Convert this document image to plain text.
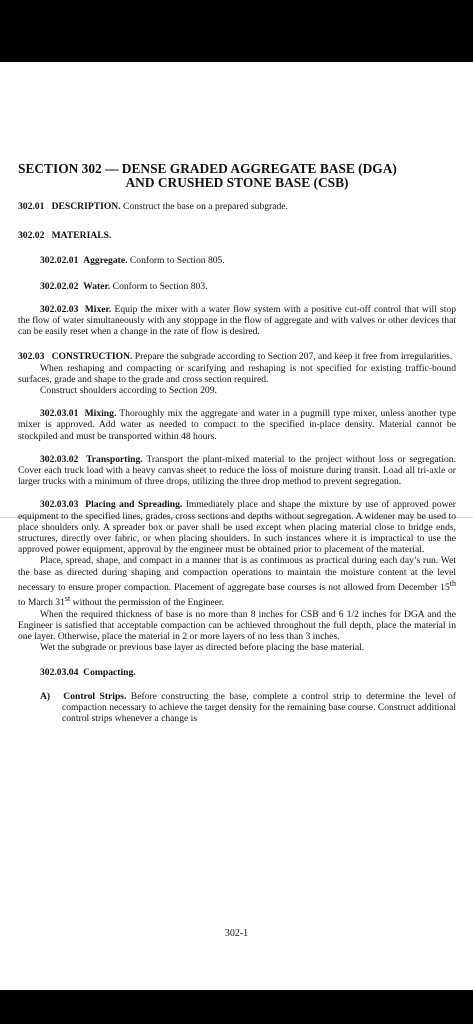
SECTION 302 — DENSE GRADED AGGREGATE BASE (DGA)
AND CRUSHED STONE BASE (CSB)

302.01 DESCRIPTION. Construct the base on a prepared subgrade.

302.02 MATERIALS.

302.02.01 Aggregate. Conform to Section 805.

302.02.02 Water. Conform to Section 803.

302.02.03 Mixer. Equip the mixer with a water flow system with a positive cut-off control that will stop the flow of water simultaneously with any stoppage in the flow of aggregate and with valves or other devices that can be easily reset when a change in the rate of flow is desired.

302.03 CONSTRUCTION. Prepare the subgrade according to Section 207, and keep it free from irregularities.

When reshaping and compacting or scarifying and reshaping is not specified for existing traffic-bound surfaces, grade and shape to the grade and cross section required.

Construct shoulders according to Section 209.

302.03.01 Mixing. Thoroughly mix the aggregate and water in a pugmill type mixer, unless another type mixer is approved. Add water as needed to compact to the specified in-place density. Material cannot be stockpiled and must be transported within 48 hours.

302.03.02 Transporting. Transport the plant-mixed material to the project without loss or segregation. Cover each truck load with a heavy canvas sheet to reduce the loss of moisture during transit. Load all tri-axle or larger trucks with a minimum of three drops, utilizing the three drop method to prevent segregation.

302.03.03 Placing and Spreading. Immediately place and shape the mixture by use of approved power equipment to the specified lines, grades, cross sections and depths without segregation. A widener may be used to place shoulders only. A spreader box or paver shall be used except when placing material close to bridge ends, structures, directly over fabric, or when placing shoulders. In such instances where it is impractical to use the approved power equipment, approval by the engineer must be obtained prior to placement of the material.

Place, spread, shape, and compact in a manner that is as continuous as practical during each day’s run. Wet the base as directed during shaping and compaction operations to maintain the moisture content at the level necessary to ensure proper compaction. Placement of aggregate base courses is not allowed from December 15th to March 31st without the permission of the Engineer.

When the required thickness of base is no more than 8 inches for CSB and 6 1/2 inches for DGA and the Engineer is satisfied that acceptable compaction can be achieved throughout the full depth, place the material in one layer. Otherwise, place the material in 2 or more layers of no less than 3 inches.

Wet the subgrade or previous base layer as directed before placing the base material.

302.03.04 Compacting.

A) Control Strips. Before constructing the base, complete a control strip to determine the level of compaction necessary to achieve the target density for the remaining base course. Construct additional control strips whenever a change is

302-1
